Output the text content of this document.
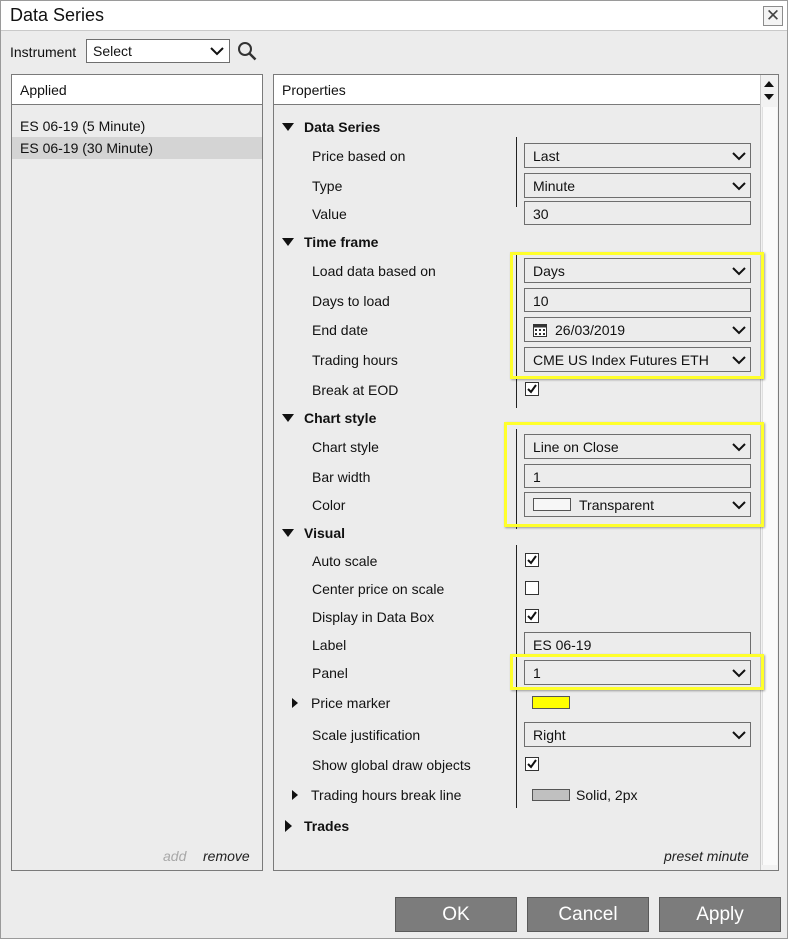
Data Series	✕
Instrument Select
Applied
ES 06-19 (5 Minute)
ES 06-19 (30 Minute)
add remove
Properties
Data Series
Price based on	Last
Type	Minute
Value	30
Time frame
Load data based on	Days
Days to load	10
End date	26/03/2019
Trading hours	CME US Index Futures ETH
Break at EOD
Chart style
Chart style	Line on Close
Bar width	1
Color	Transparent
Visual
Auto scale
Center price on scale
Display in Data Box
Label	ES 06-19
Panel	1
Price marker
Scale justification	Right
Show global draw objects
Trading hours break line	Solid, 2px
Trades
preset minute
OK	Cancel	Apply
